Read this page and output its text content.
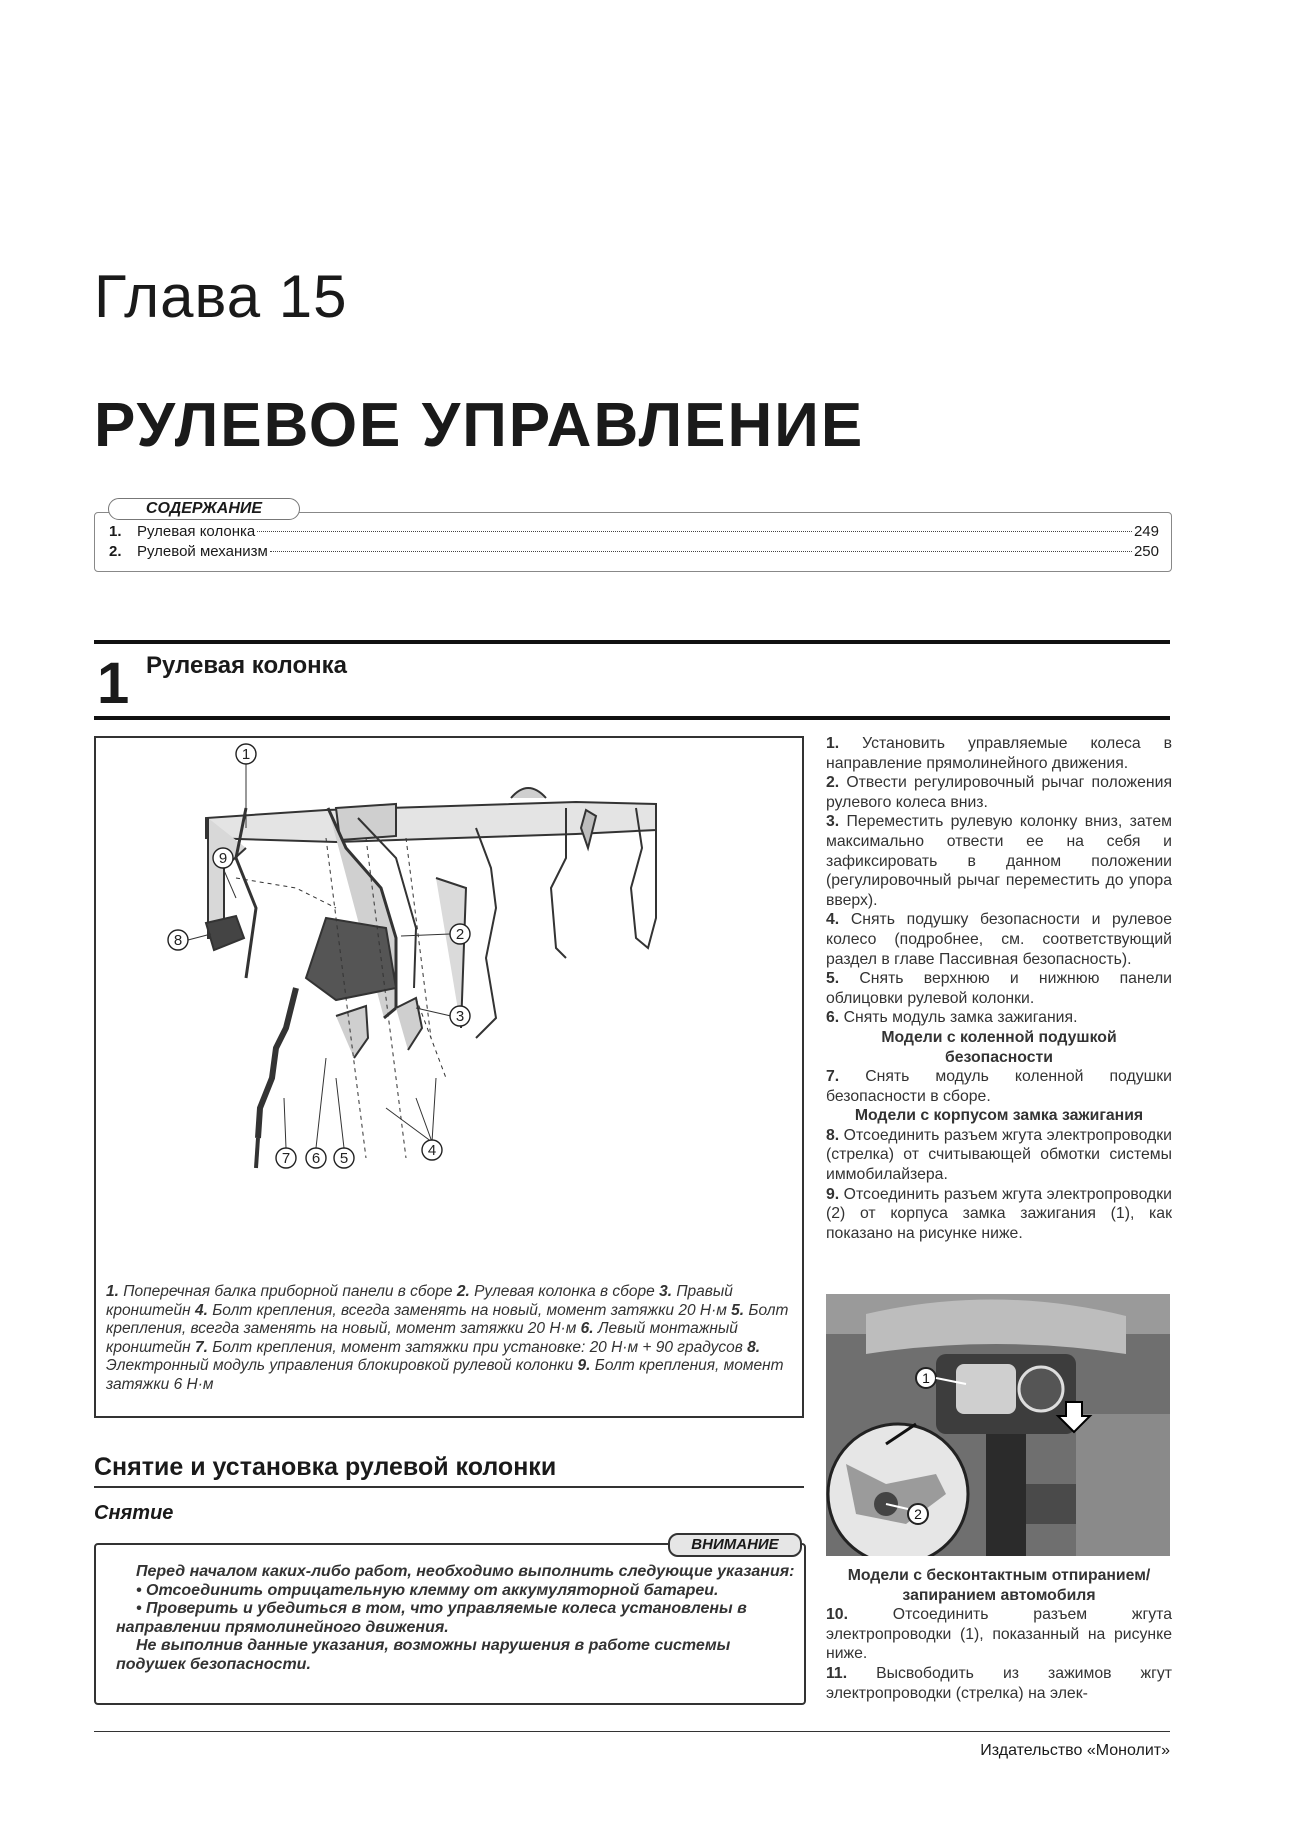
Глава 15
РУЛЕВОЕ УПРАВЛЕНИЕ
1.	Рулевая колонка	249
2.	Рулевой механизм	250
СОДЕРЖАНИЕ
1 Рулевая колонка
1
2
3
4
5
6
7
8
9
1. Поперечная балка приборной панели в сборе 2. Рулевая колонка в сборе 3. Правый кронштейн 4. Болт крепления, всегда заменять на новый, момент затяжки 20 Н·м 5. Болт крепления, всегда заменять на новый, момент затяжки 20 Н·м 6. Левый монтажный кронштейн 7. Болт крепления, момент затяжки при установке: 20 Н·м + 90 градусов 8. Электронный модуль управления блокировкой рулевой колонки 9. Болт крепления, момент затяжки 6 Н·м
Снятие и установка рулевой колонки
Снятие

Перед началом каких-либо работ, необходимо выполнить следующие указания:

• Отсоединить отрицательную клемму от аккумуляторной батареи.

• Проверить и убедиться в том, что управляемые колеса установлены в направлении прямолинейного движения.

Не выполнив данные указания, возможны нарушения в работе системы подушек безопасности.

ВНИМАНИЕ

1. Установить управляемые колеса в направление прямолинейного движения.

2. Отвести регулировочный рычаг положения рулевого колеса вниз.

3. Переместить рулевую колонку вниз, затем максимально отвести ее на себя и зафиксировать в данном положении (регулировочный рычаг переместить до упора вверх).

4. Снять подушку безопасности и рулевое колесо (подробнее, см. соответствующий раздел в главе Пассивная безопасность).

5. Снять верхнюю и нижнюю панели облицовки рулевой колонки.

6. Снять модуль замка зажигания.

Модели с коленной подушкой безопасности

7. Снять модуль коленной подушки безопасности в сборе.

Модели с корпусом замка зажигания

8. Отсоединить разъем жгута электропроводки (стрелка) от считывающей обмотки системы иммобилайзера.

9. Отсоединить разъем жгута электропроводки (2) от корпуса замка зажигания (1), как показано на рисунке ниже.

1
2

Модели с бесконтактным отпиранием/запиранием автомобиля

10. Отсоединить разъем жгута электропроводки (1), показанный на рисунке ниже.

11. Высвободить из зажимов жгут электропроводки (стрелка) на элек-

Издательство «Монолит»
